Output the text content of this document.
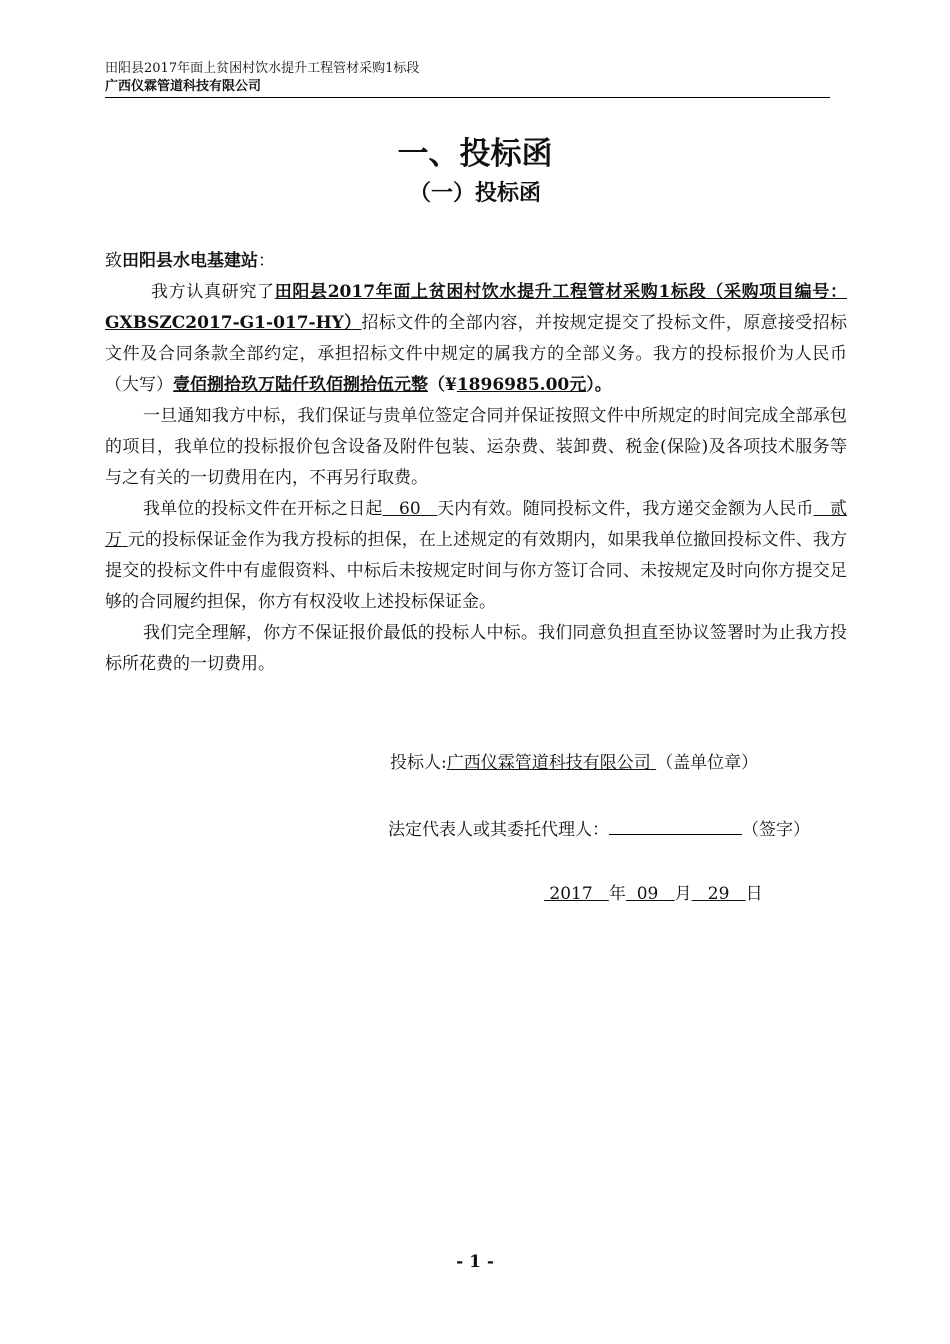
田阳县2017年面上贫困村饮水提升工程管材采购1标段
广西仪霖管道科技有限公司
一、投标函
（一）投标函

致田阳县水电基建站：

我方认真研究了田阳县2017年面上贫困村饮水提升工程管材采购1标段（采购项目编号：GXBSZC2017-G1-017-HY）招标文件的全部内容，并按规定提交了投标文件，原意接受招标文件及合同条款全部约定，承担招标文件中规定的属我方的全部义务。我方的投标报价为人民币（大写）壹佰捌拾玖万陆仟玖佰捌拾伍元整（¥1896985.00元）。

一旦通知我方中标，我们保证与贵单位签定合同并保证按照文件中所规定的时间完成全部承包的项目，我单位的投标报价包含设备及附件包装、运杂费、装卸费、税金(保险)及各项技术服务等与之有关的一切费用在内，不再另行取费。

我单位的投标文件在开标之日起 60 天内有效。随同投标文件，我方递交金额为人民币 贰万 元的投标保证金作为我方投标的担保，在上述规定的有效期内，如果我单位撤回投标文件、我方提交的投标文件中有虚假资料、中标后未按规定时间与你方签订合同、未按规定及时向你方提交足够的合同履约担保，你方有权没收上述投标保证金。

我们完全理解，你方不保证报价最低的投标人中标。我们同意负担直至协议签署时为止我方投标所花费的一切费用。

投标人:广西仪霖管道科技有限公司 （盖单位章）
法定代表人或其委托代理人：	（签字）
2017 年 09 月 29 日
- 1 -
